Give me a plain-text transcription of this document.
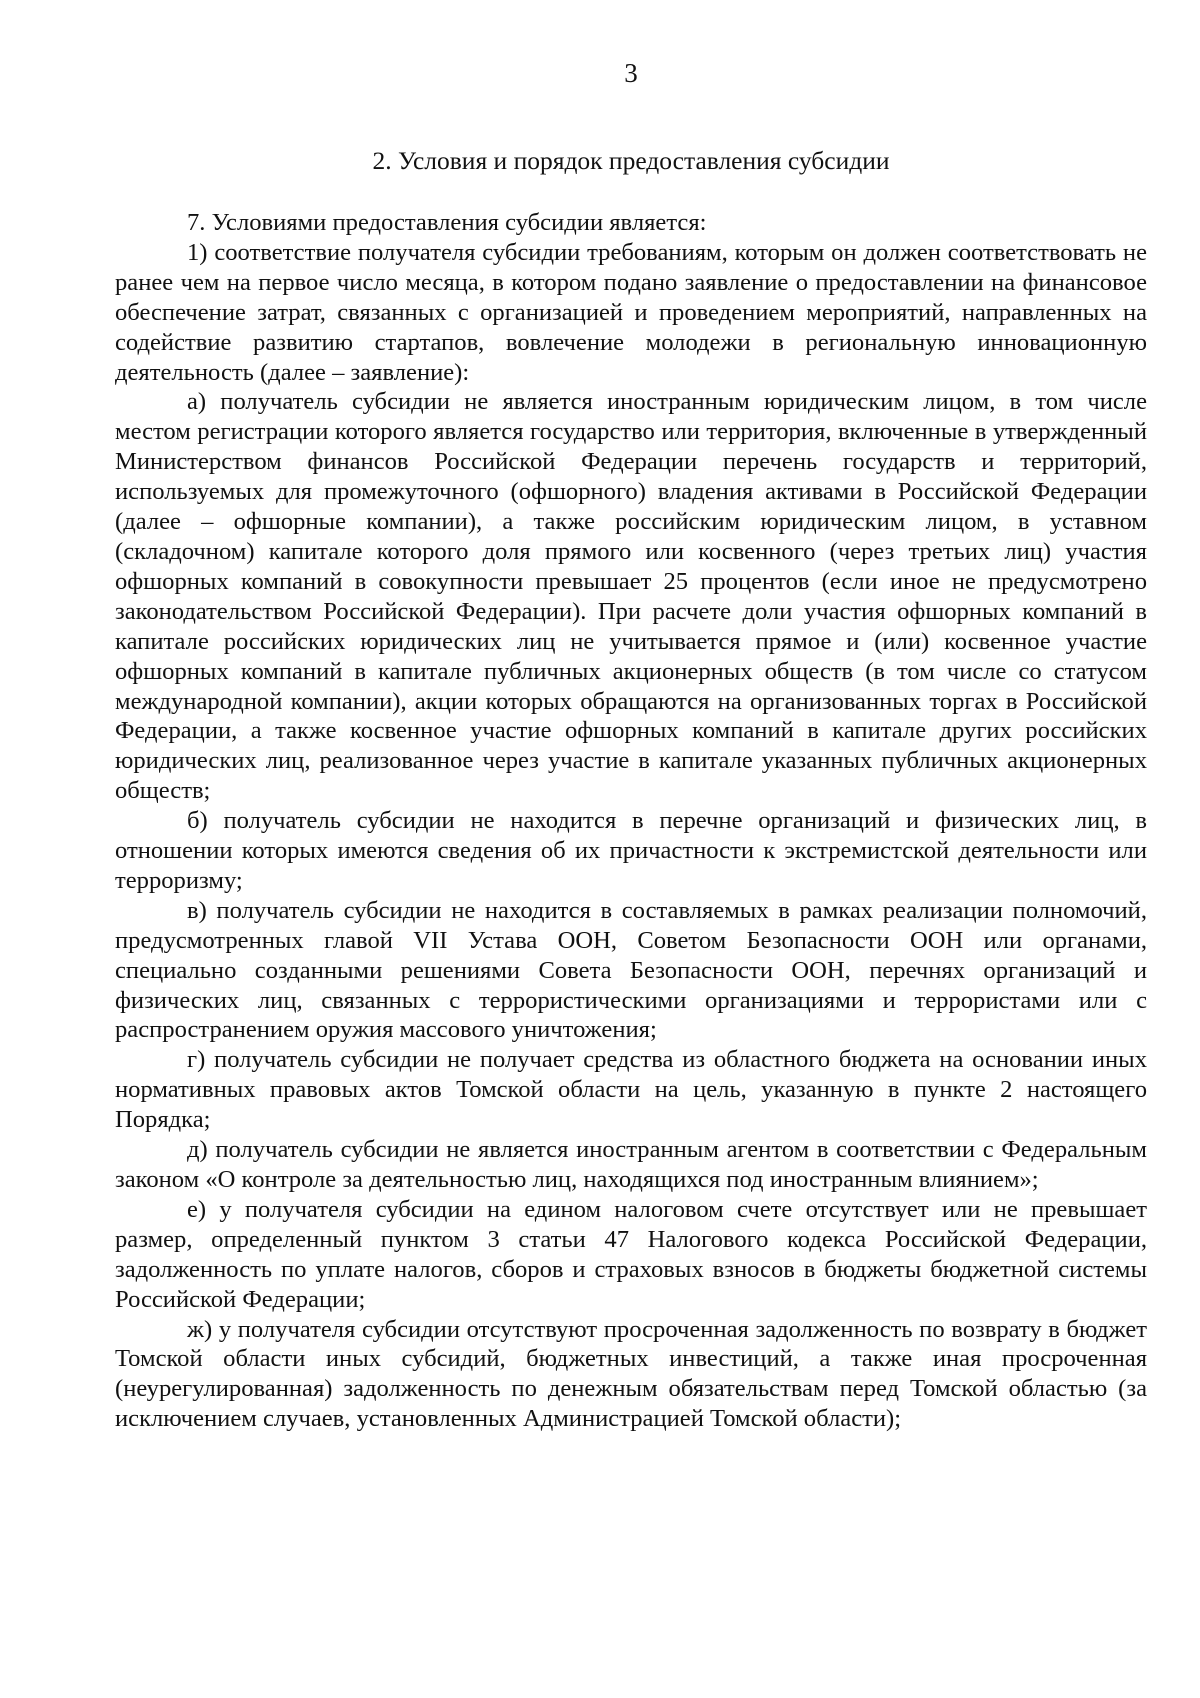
3
2. Условия и порядок предоставления субсидии

7. Условиями предоставления субсидии является:

1) соответствие получателя субсидии требованиям, которым он должен соответствовать не ранее чем на первое число месяца, в котором подано заявление о предоставлении на финансовое обеспечение затрат, связанных с организацией и проведением мероприятий, направленных на содействие развитию стартапов, вовлечение молодежи в региональную инновационную деятельность (далее – заявление):

а) получатель субсидии не является иностранным юридическим лицом, в том числе местом регистрации которого является государство или территория, включенные в утвержденный Министерством финансов Российской Федерации перечень государств и территорий, используемых для промежуточного (офшорного) владения активами в Российской Федерации (далее – офшорные компании), а также российским юридическим лицом, в уставном (складочном) капитале которого доля прямого или косвенного (через третьих лиц) участия офшорных компаний в совокупности превышает 25 процентов (если иное не предусмотрено законодательством Российской Федерации). При расчете доли участия офшорных компаний в капитале российских юридических лиц не учитывается прямое и (или) косвенное участие офшорных компаний в капитале публичных акционерных обществ (в том числе со статусом международной компании), акции которых обращаются на организованных торгах в Российской Федерации, а также косвенное участие офшорных компаний в капитале других российских юридических лиц, реализованное через участие в капитале указанных публичных акционерных обществ;

б) получатель субсидии не находится в перечне организаций и физических лиц, в отношении которых имеются сведения об их причастности к экстремистской деятельности или терроризму;

в) получатель субсидии не находится в составляемых в рамках реализации полномочий, предусмотренных главой VII Устава ООН, Советом Безопасности ООН или органами, специально созданными решениями Совета Безопасности ООН, перечнях организаций и физических лиц, связанных с террористическими организациями и террористами или с распространением оружия массового уничтожения;

г) получатель субсидии не получает средства из областного бюджета на основании иных нормативных правовых актов Томской области на цель, указанную в пункте 2 настоящего Порядка;

д) получатель субсидии не является иностранным агентом в соответствии с Федеральным законом «О контроле за деятельностью лиц, находящихся под иностранным влиянием»;

е) у получателя субсидии на едином налоговом счете отсутствует или не превышает размер, определенный пунктом 3 статьи 47 Налогового кодекса Российской Федерации, задолженность по уплате налогов, сборов и страховых взносов в бюджеты бюджетной системы Российской Федерации;

ж) у получателя субсидии отсутствуют просроченная задолженность по возврату в бюджет Томской области иных субсидий, бюджетных инвестиций, а также иная просроченная (неурегулированная) задолженность по денежным обязательствам перед Томской областью (за исключением случаев, установленных Администрацией Томской области);
